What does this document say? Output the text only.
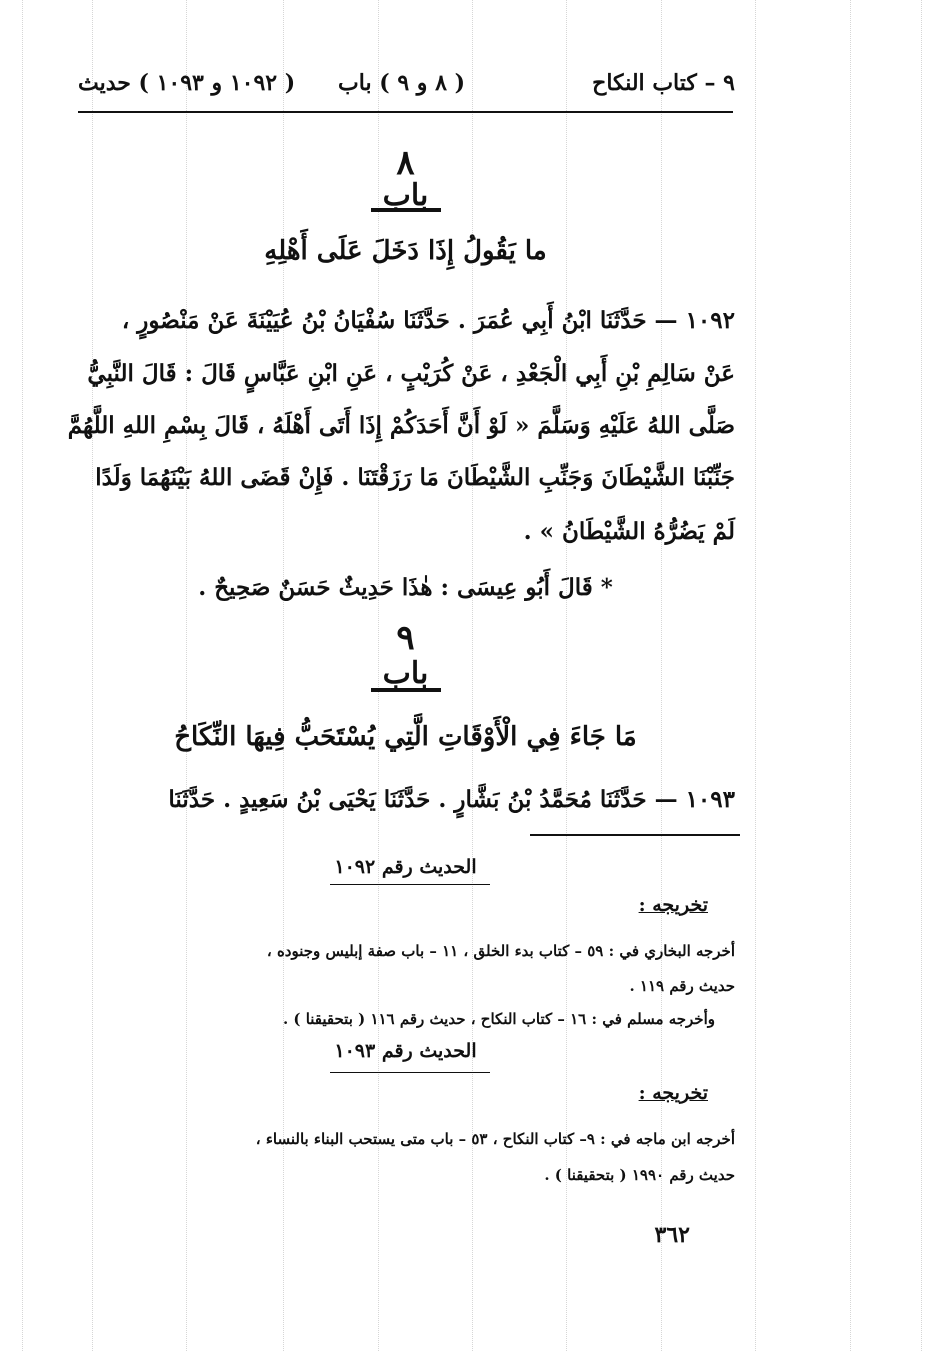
٩ – كتاب النكاح
( ٨ و ٩ ) باب
( ١٠٩٢ و ١٠٩٣ ) حديث
٨
باب
ما يَقُولُ إِذَا دَخَلَ عَلَى أَهْلِهِ
١٠٩٢ — حَدَّثَنَا ابْنُ أَبِي عُمَرَ . حَدَّثَنَا سُفْيَانُ بْنُ عُيَيْنَةَ عَنْ مَنْصُورٍ ،
عَنْ سَالِمِ بْنِ أَبِي الْجَعْدِ ، عَنْ كُرَيْبٍ ، عَنِ ابْنِ عَبَّاسٍ قَالَ : قَالَ النَّبِيُّ
صَلَّى اللهُ عَلَيْهِ وَسَلَّمَ « لَوْ أَنَّ أَحَدَكُمْ إِذَا أَتَى أَهْلَهُ ، قَالَ بِسْمِ اللهِ اللَّهُمَّ
جَنِّبْنَا الشَّيْطَانَ وَجَنِّبِ الشَّيْطَانَ مَا رَزَقْتَنَا . فَإِنْ قَضَى اللهُ بَيْنَهُمَا وَلَدًا
لَمْ يَضُرُّهُ الشَّيْطَانُ » .
* قَالَ أَبُو عِيسَى : هٰذَا حَدِيثٌ حَسَنٌ صَحِيحٌ .
٩
باب
مَا جَاءَ فِي الْأَوْقَاتِ الَّتِي يُسْتَحَبُّ فِيهَا النِّكَاحُ
١٠٩٣ — حَدَّثَنَا مُحَمَّدُ بْنُ بَشَّارٍ . حَدَّثَنَا يَحْيَى بْنُ سَعِيدٍ . حَدَّثَنَا
الحديث رقم ١٠٩٢
تخريجه :
أخرجه البخاري في : ٥٩ – كتاب بدء الخلق ، ١١ – باب صفة إبليس وجنوده ،
حديث رقم ١١٩ .
وأخرجه مسلم في : ١٦ – كتاب النكاح ، حديث رقم ١١٦ ( بتحقيقنا ) .
الحديث رقم ١٠٩٣
تخريجه :
أخرجه ابن ماجه في : ٩– كتاب النكاح ، ٥٣ – باب متى يستحب البناء بالنساء ،
حديث رقم ١٩٩٠ ( بتحقيقنا ) .
٣٦٢
